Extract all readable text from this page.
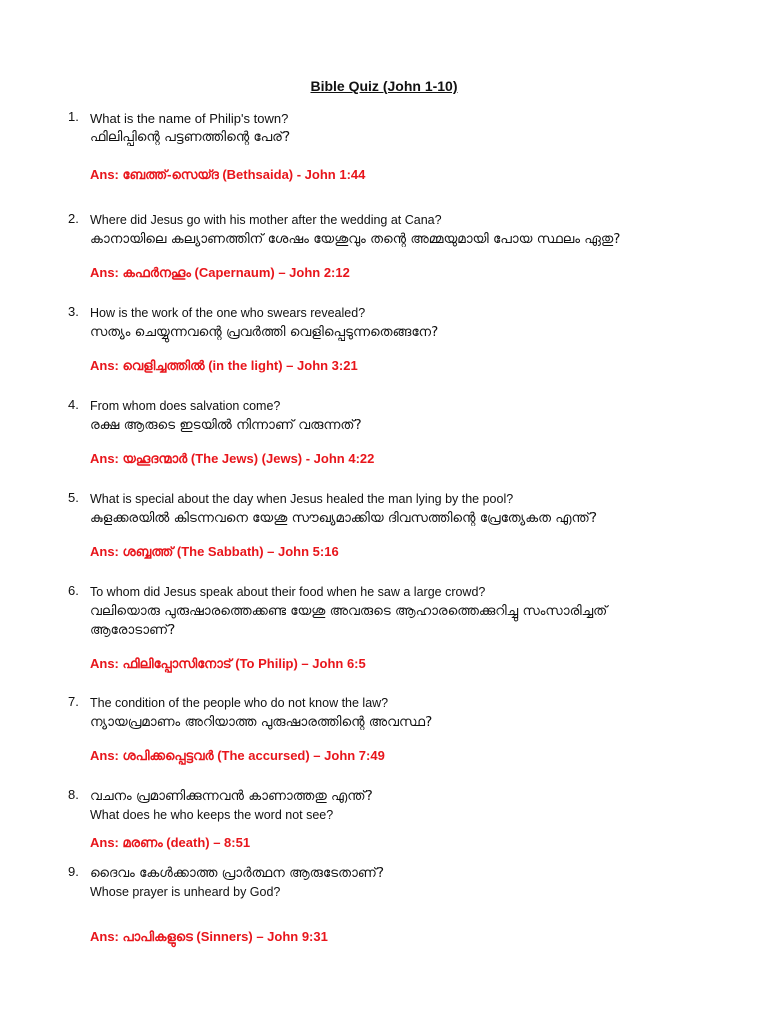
Bible Quiz (John 1-10)
1. What is the name of Philip's town?
ഫിലിപ്പിന്റെ പട്ടണത്തിന്റെ പേര്?
Ans: ബേത്ത്-സെയ്ദ (Bethsaida) - John 1:44
2. Where did Jesus go with his mother after the wedding at Cana?
കാനായിലെ കല്യാണത്തിന് ശേഷം യേശുവും തന്റെ അമ്മയുമായി പോയ സ്ഥലം ഏതു?
Ans: കഫർനഹൂം (Capernaum) – John 2:12
3. How is the work of the one who swears revealed?
സത്യം ചെയ്യുന്നവന്റെ പ്രവർത്തി വെളിപ്പെടുന്നതെങ്ങനേ?
Ans: വെളിച്ചത്തിൽ (in the light) – John 3:21
4. From whom does salvation come?
രക്ഷ ആരുടെ ഇടയിൽ നിന്നാണ് വരുന്നത്?
Ans: യഹൂദന്മാർ (The Jews) (Jews) - John 4:22
5. What is special about the day when Jesus healed the man lying by the pool?
കുളക്കരയിൽ കിടന്നവനെ യേശു സൗഖ്യമാക്കിയ ദിവസത്തിന്റെ പ്രേത്യേകത എന്ത്?
Ans: ശബ്ബത്ത് (The Sabbath) – John 5:16
6. To whom did Jesus speak about their food when he saw a large crowd?
വലിയൊരു പുരുഷാരത്തെക്കണ്ട യേശു അവരുടെ ആഹാരത്തെക്കുറിച്ചു സംസാരിച്ചത് ആരോടാണ്?
Ans: ഫിലിപ്പോസിനോട് (To Philip) – John 6:5
7. The condition of the people who do not know the law?
ന്യായപ്രമാണം അറിയാത്ത പുരുഷാരത്തിന്റെ അവസ്ഥ?
Ans: ശപിക്കപ്പെട്ടവർ (The accursed) – John 7:49
8. വചനം പ്രമാണിക്കുന്നവൻ കാണാത്തതു എന്ത്?
What does he who keeps the word not see?
Ans: മരണം (death) – 8:51
9. ദൈവം കേൾക്കാത്ത പ്രാർത്ഥന ആരുടേതാണ്?
Whose prayer is unheard by God?
Ans: പാപികളുടെ (Sinners) – John 9:31
